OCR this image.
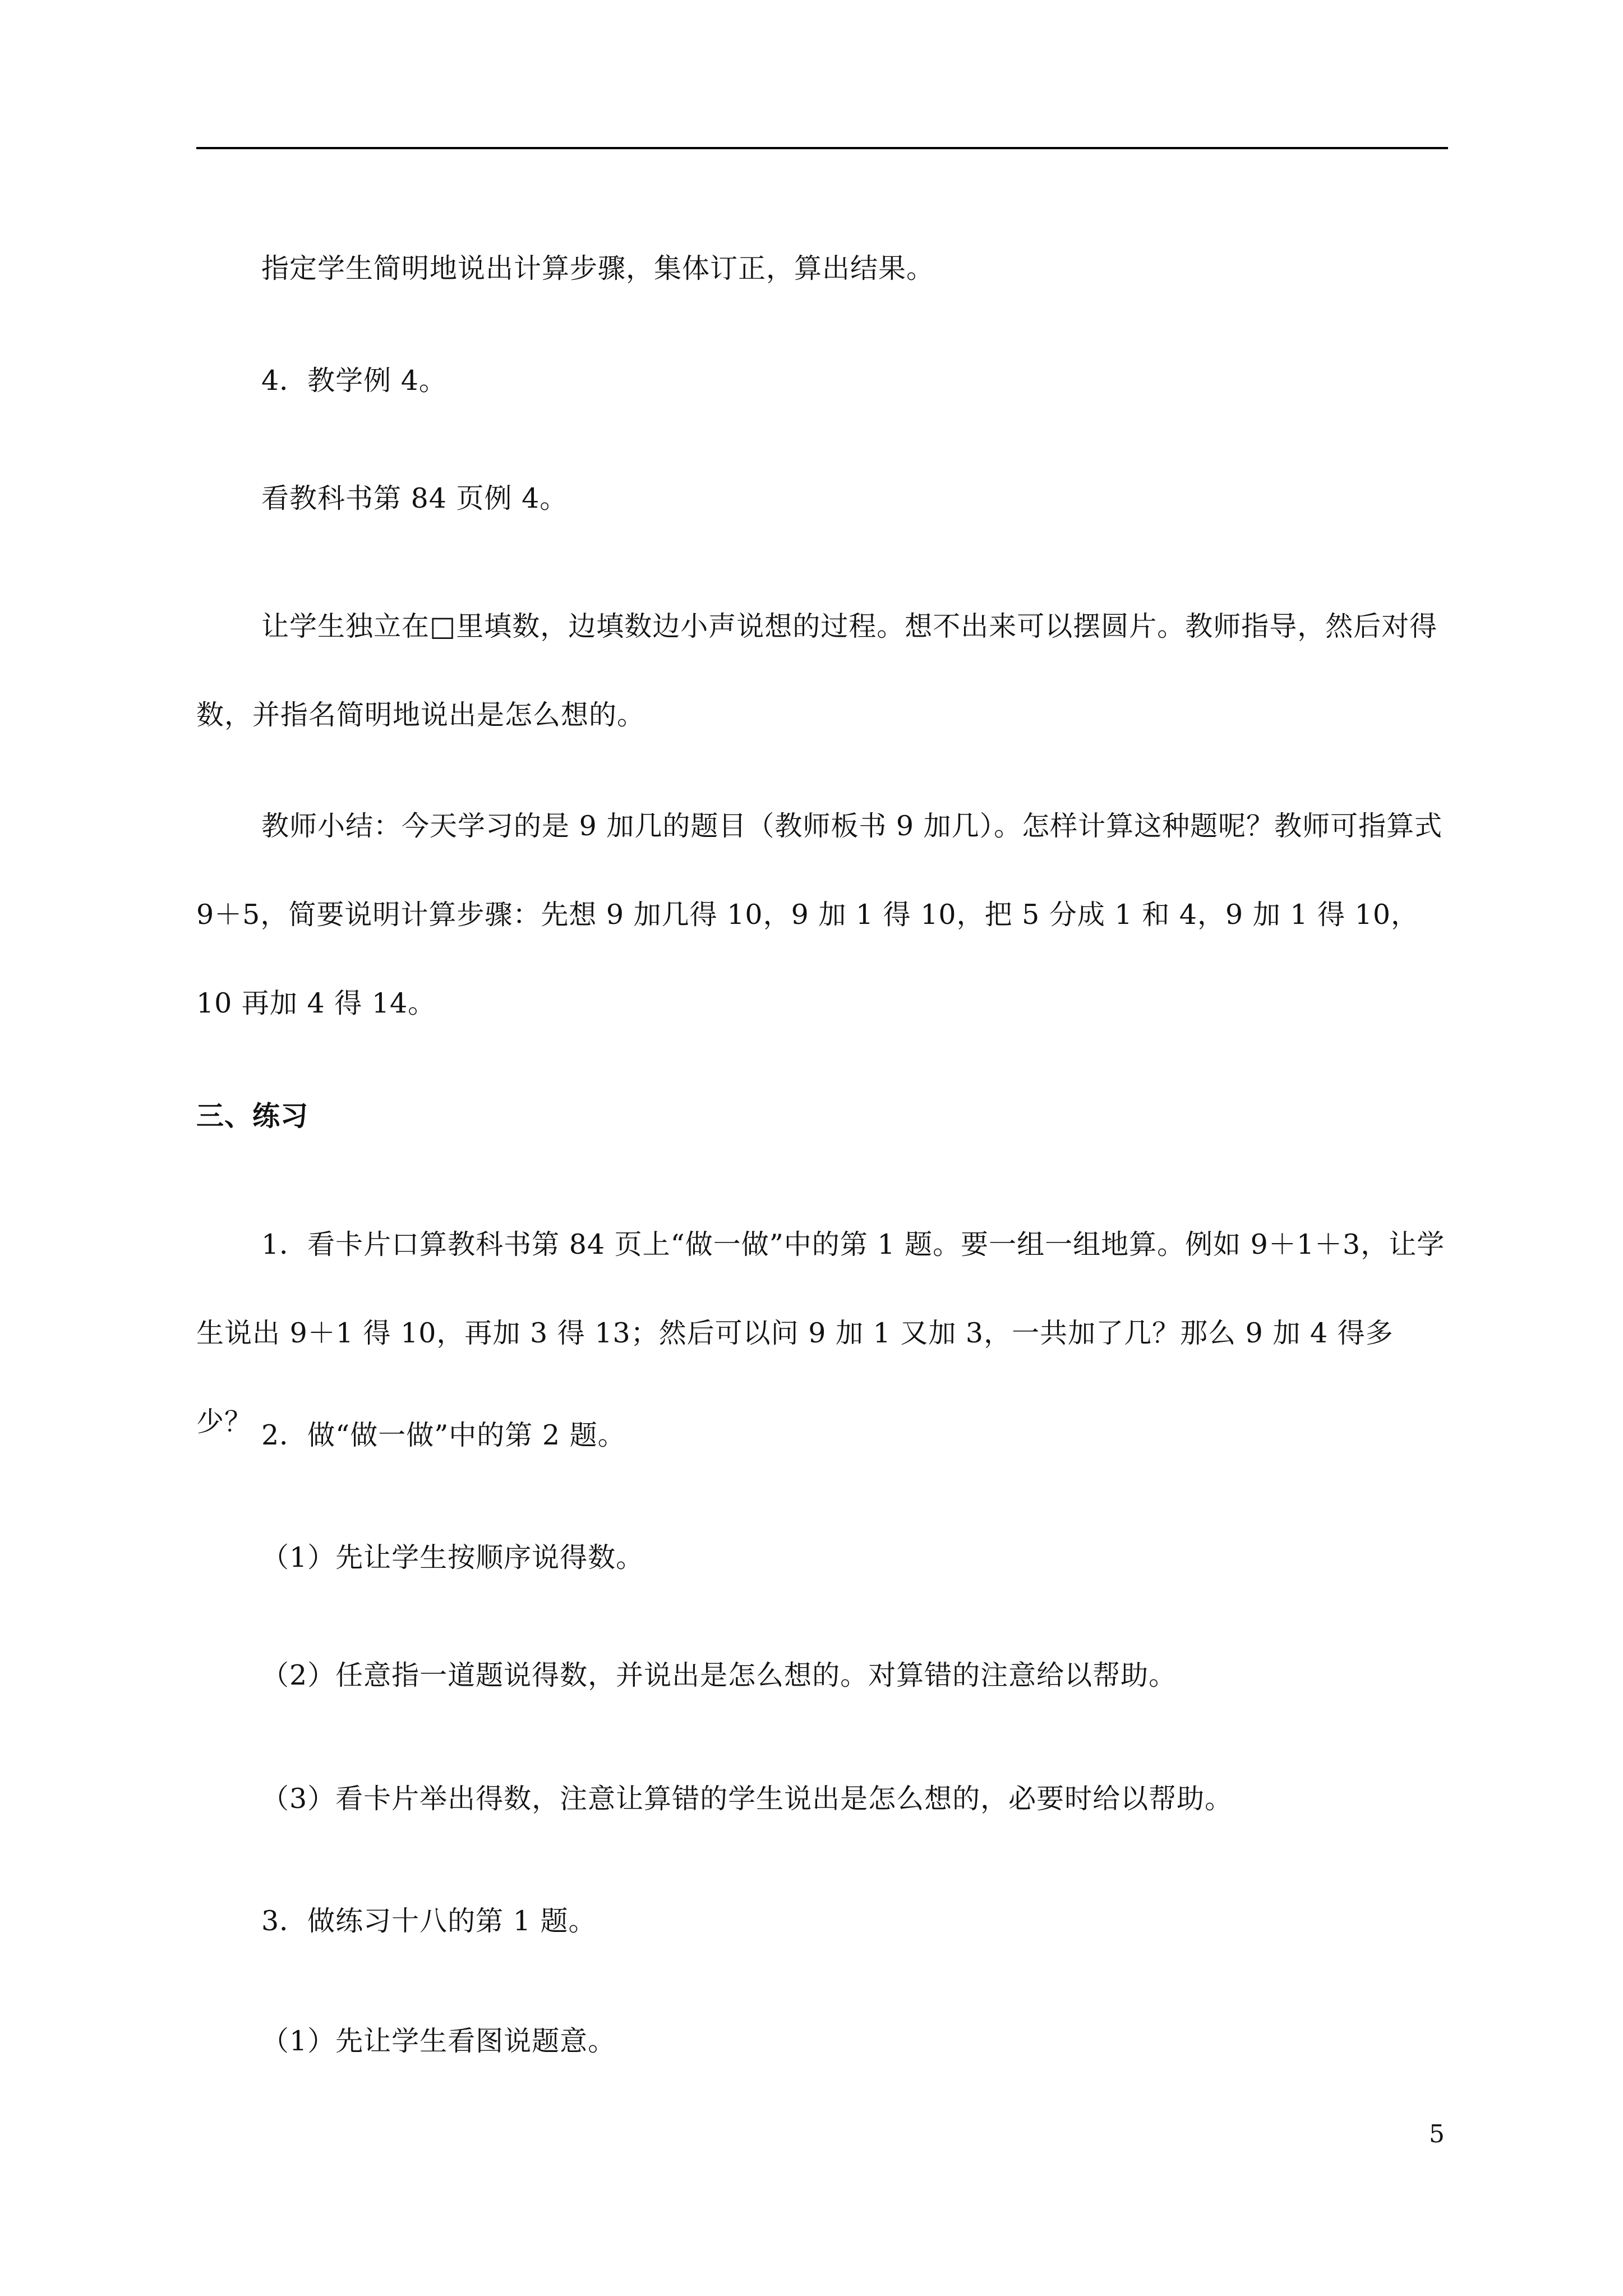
指定学生简明地说出计算步骤，集体订正，算出结果。
4．教学例 4。
看教科书第 84 页例 4。
让学生独立在□里填数，边填数边小声说想的过程。想不出来可以摆圆片。教师指导，然后对得数，并指名简明地说出是怎么想的。
教师小结：今天学习的是 9 加几的题目（教师板书 9 加几）。怎样计算这种题呢？教师可指算式 9＋5，简要说明计算步骤：先想 9 加几得 10，9 加 1 得 10，把 5 分成 1 和 4，9 加 1 得 10，10 再加 4 得 14。
三、练习
1．看卡片口算教科书第 84 页上“做一做”中的第 1 题。要一组一组地算。例如 9＋1＋3，让学生说出 9＋1 得 10，再加 3 得 13；然后可以问 9 加 1 又加 3，一共加了几？那么 9 加 4 得多少？ 2．做“做一做”中的第 2 题。
（1）先让学生按顺序说得数。
（2）任意指一道题说得数，并说出是怎么想的。对算错的注意给以帮助。
（3）看卡片举出得数，注意让算错的学生说出是怎么想的，必要时给以帮助。
3．做练习十八的第 1 题。
（1）先让学生看图说题意。
5
